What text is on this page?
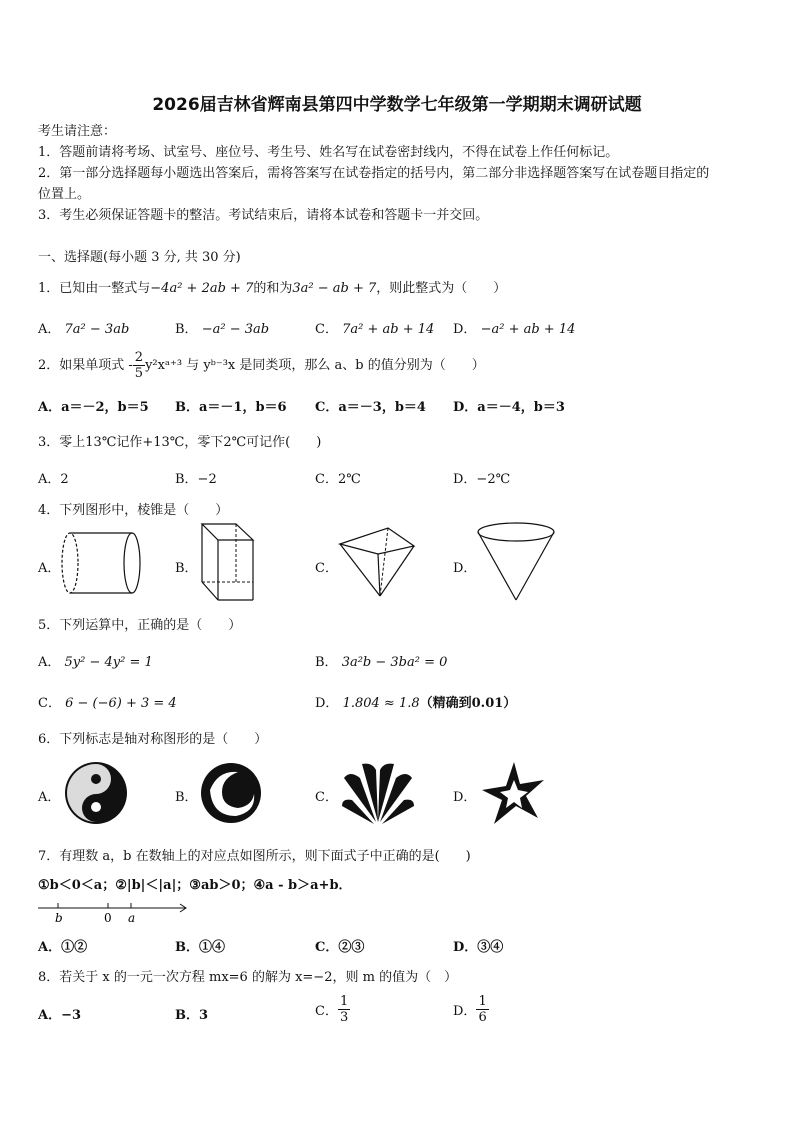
2026届吉林省辉南县第四中学数学七年级第一学期期末调研试题
考生请注意：
1．答题前请将考场、试室号、座位号、考生号、姓名写在试卷密封线内，不得在试卷上作任何标记。
2．第一部分选择题每小题选出答案后，需将答案写在试卷指定的括号内，第二部分非选择题答案写在试卷题目指定的
位置上。
3．考生必须保证答题卡的整洁。考试结束后，请将本试卷和答题卡一并交回。
一、选择题(每小题 3 分, 共 30 分)
1．已知由一整式与−4a² + 2ab + 7的和为3a² − ab + 7，则此整式为（　　）
A． 7a² − 3ab	B． −a² − 3ab	C． 7a² + ab + 14 D． −a² + ab + 14
2．如果单项式 - $\frac{2}{5}$ y²xᵃ⁺³ 与 yᵇ⁻³x 是同类项，那么 a、b 的值分别为（　　）
A．a＝－2，b＝5 B．a＝－1，b＝6 C．a＝－3，b＝4 D．a＝－4，b＝3
3．零上13℃记作+13℃，零下2℃可记作(　　)
A．2	B．−2	C．2℃	D．−2℃
4．下列图形中，棱锥是（　　）
A．	B．	C．	D．
5．下列运算中，正确的是（　　）
A． 5y² − 4y² = 1	B． 3a²b − 3ba² = 0
C． 6 − (−6) + 3 = 4	D． 1.804 ≈ 1.8（精确到0.01）
6．下列标志是轴对称图形的是（　　）
A．	B．	C．	D．
7．有理数 a，b 在数轴上的对应点如图所示，则下面式子中正确的是(　　)
①b＜0＜a；②|b|＜|a|；③ab＞0；④a - b＞a+b．
b	0 a
A．①②	B．①④	C．②③	D．③④
8．若关于 x 的一元一次方程 mx=6 的解为 x=−2，则 m 的值为（　）
A．−3	B．3	C． $\frac{1}{3}$	D． $\frac{1}{6}$
